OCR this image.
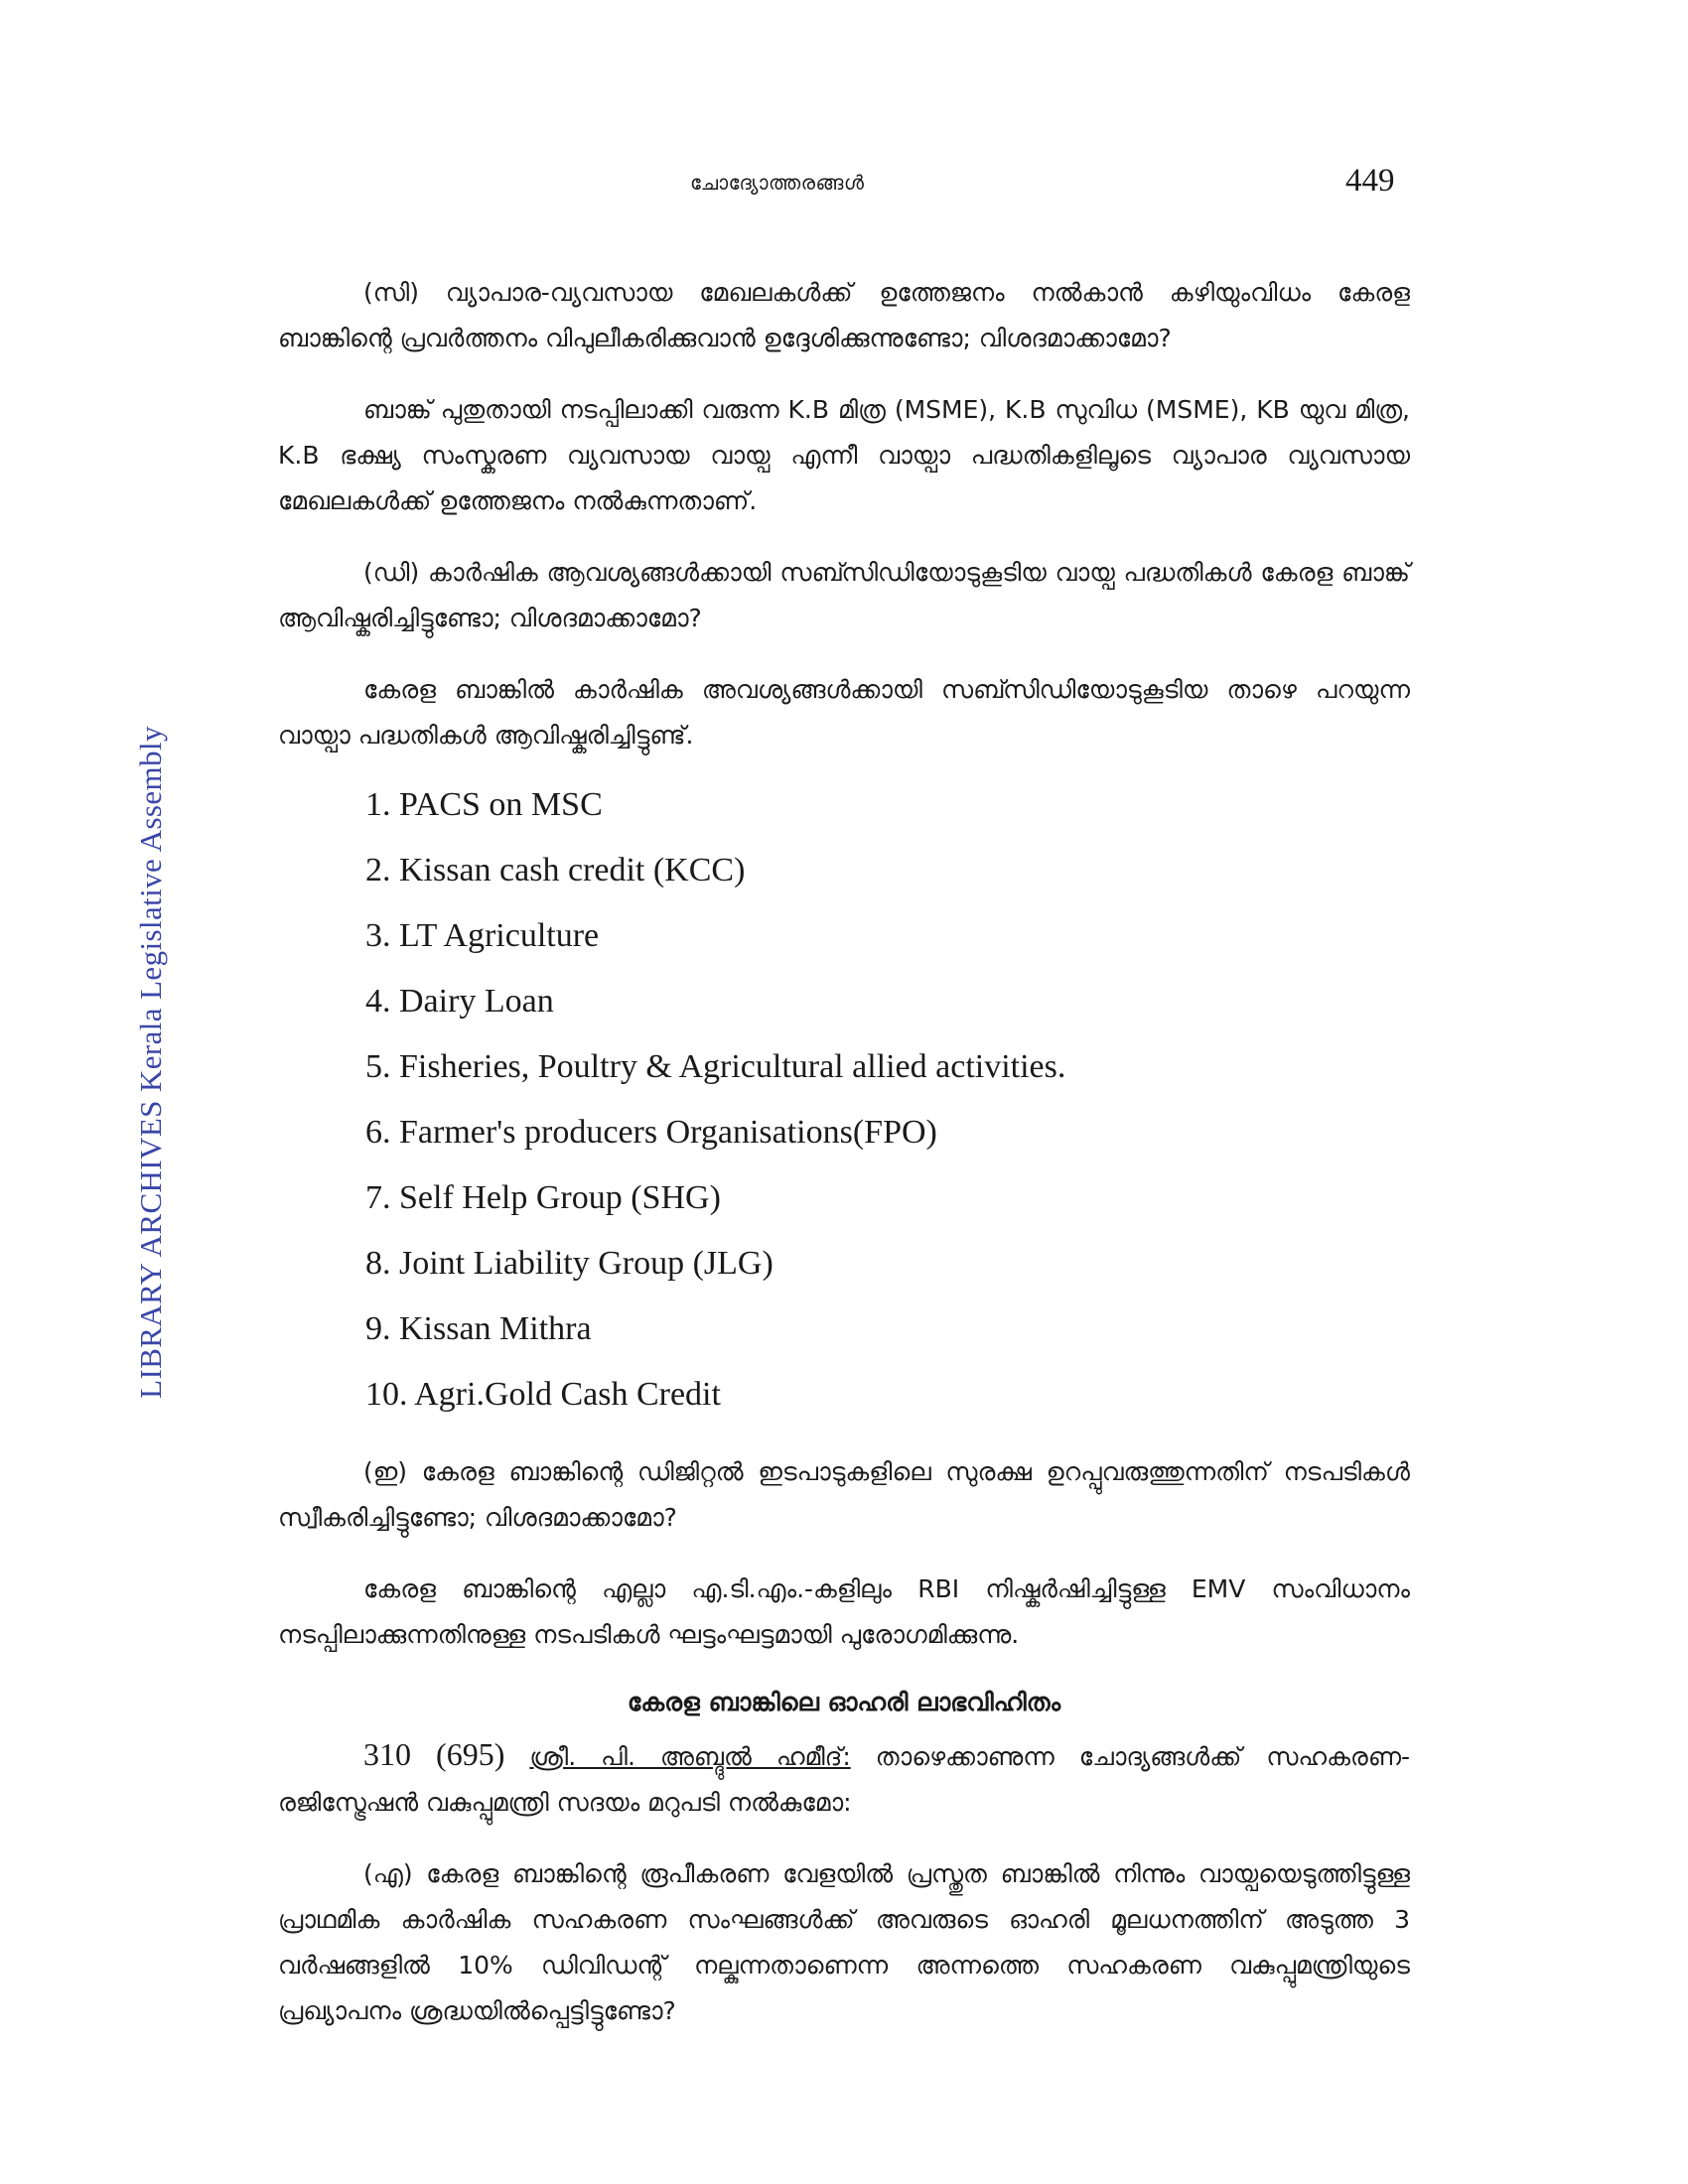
ചോദ്യോത്തരങ്ങൾ	449
LIBRARY ARCHIVES Kerala Legislative Assembly

(സി) വ്യാപാര-വ്യവസായ മേഖലകൾക്ക് ഉത്തേജനം നൽകാൻ കഴിയുംവിധം കേരള ബാങ്കിന്റെ പ്രവർത്തനം വിപുലീകരിക്കുവാൻ ഉദ്ദേശിക്കുന്നുണ്ടോ; വിശദമാക്കാമോ?

ബാങ്ക് പുതുതായി നടപ്പിലാക്കി വരുന്ന K.B മിത്ര (MSME), K.B സുവിധ (MSME), KB യുവ മിത്ര, K.B ഭക്ഷ്യ സംസ്കരണ വ്യവസായ വായ്പ എന്നീ വായ്പാ പദ്ധതികളിലൂടെ വ്യാപാര വ്യവസായ മേഖലകൾക്ക് ഉത്തേജനം നൽകുന്നതാണ്.

(ഡി) കാർഷിക ആവശ്യങ്ങൾക്കായി സബ്സിഡിയോടുകൂടിയ വായ്പ പദ്ധതികൾ കേരള ബാങ്ക് ആവിഷ്കരിച്ചിട്ടുണ്ടോ; വിശദമാക്കാമോ?

കേരള ബാങ്കിൽ കാർഷിക അവശ്യങ്ങൾക്കായി സബ്സിഡിയോടുകൂടിയ താഴെ പറയുന്ന വായ്പാ പദ്ധതികൾ ആവിഷ്കരിച്ചിട്ടുണ്ട്.

1. PACS on MSC
2. Kissan cash credit (KCC)
3. LT Agriculture
4. Dairy Loan
5. Fisheries, Poultry & Agricultural allied activities.
6. Farmer's producers Organisations(FPO)
7. Self Help Group (SHG)
8. Joint Liability Group (JLG)
9. Kissan Mithra
10. Agri.Gold Cash Credit

(ഇ) കേരള ബാങ്കിന്റെ ഡിജിറ്റൽ ഇടപാടുകളിലെ സുരക്ഷ ഉറപ്പുവരുത്തുന്നതിന് നടപടികൾ സ്വീകരിച്ചിട്ടുണ്ടോ; വിശദമാക്കാമോ?

കേരള ബാങ്കിന്റെ എല്ലാ എ.ടി.എം.-കളിലും RBI നിഷ്കർഷിച്ചിട്ടുള്ള EMV സംവിധാനം നടപ്പിലാക്കുന്നതിനുള്ള നടപടികൾ ഘട്ടംഘട്ടമായി പുരോഗമിക്കുന്നു.

കേരള ബാങ്കിലെ ഓഹരി ലാഭവിഹിതം

310 (695) ശ്രീ. പി. അബ്ദുൽ ഹമീദ്: താഴെക്കാണുന്ന ചോദ്യങ്ങൾക്ക് സഹകരണ-രജിസ്ട്രേഷൻ വകുപ്പുമന്ത്രി സദയം മറുപടി നൽകുമോ:

(എ) കേരള ബാങ്കിന്റെ രൂപീകരണ വേളയിൽ പ്രസ്തുത ബാങ്കിൽ നിന്നും വായ്പയെടുത്തിട്ടുള്ള പ്രാഥമിക കാർഷിക സഹകരണ സംഘങ്ങൾക്ക് അവരുടെ ഓഹരി മൂലധനത്തിന് അടുത്ത 3 വർഷങ്ങളിൽ 10% ഡിവിഡന്റ് നല്കുന്നതാണെന്ന അന്നത്തെ സഹകരണ വകുപ്പുമന്ത്രിയുടെ പ്രഖ്യാപനം ശ്രദ്ധയിൽപ്പെട്ടിട്ടുണ്ടോ?
